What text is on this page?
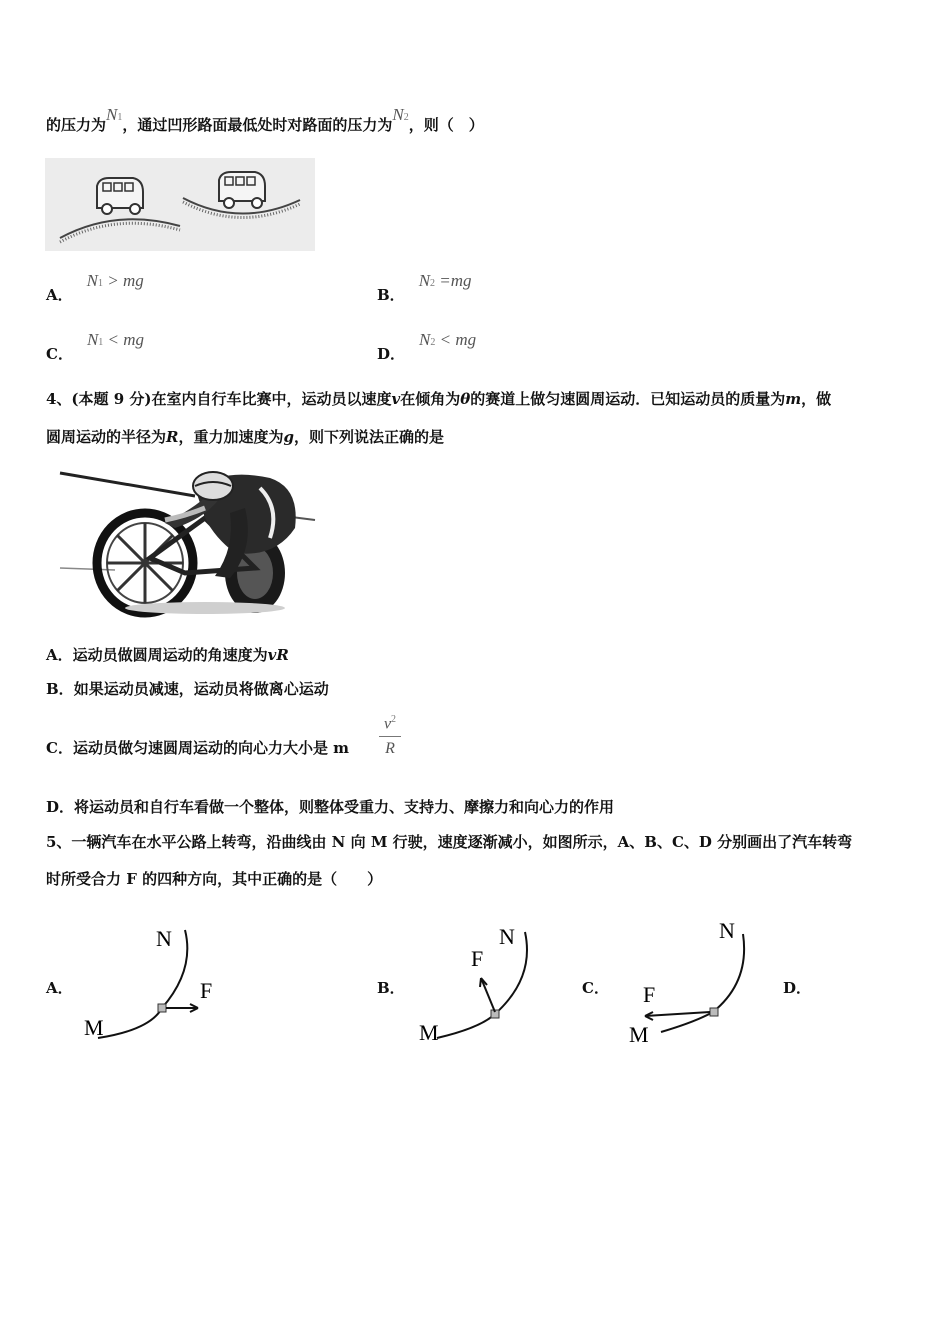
的压力为N1，通过凹形路面最低处时对路面的压力为N2，则（　）
A．N1 > mg
B．N2 =mg
C．N1 < mg
D．N2 < mg
4、(本题 9 分)在室内自行车比赛中，运动员以速度v在倾角为θ的赛道上做匀速圆周运动．已知运动员的质量为m，做
圆周运动的半径为R，重力加速度为g，则下列说法正确的是
A．运动员做圆周运动的角速度为vR
B．如果运动员减速，运动员将做离心运动
C．运动员做匀速圆周运动的向心力大小是 m
$v^2$
R
D．将运动员和自行车看做一个整体，则整体受重力、支持力、摩擦力和向心力的作用
5、一辆汽车在水平公路上转弯，沿曲线由 N 向 M 行驶，速度逐渐减小，如图所示，A、B、C、D 分别画出了汽车转弯
时所受合力 F 的四种方向，其中正确的是（　　）
A．	B．	C．	D．
N
F
M
N
F
M
N
F
M
